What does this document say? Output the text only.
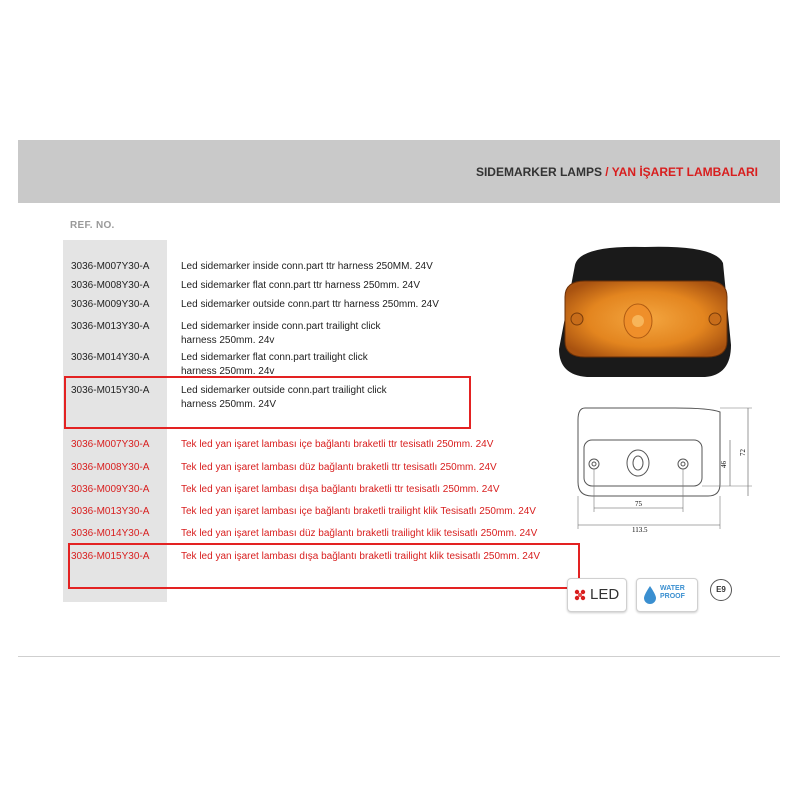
SIDEMARKER LAMPS / YAN İŞARET LAMBALARI
REF. NO.
3036-M007Y30-A	Led sidemarker inside conn.part ttr harness 250MM. 24V
3036-M008Y30-A	Led sidemarker flat conn.part ttr harness 250mm. 24V
3036-M009Y30-A	Led sidemarker outside conn.part ttr harness 250mm. 24V
3036-M013Y30-A	Led sidemarker inside conn.part trailight click harness 250mm. 24v
3036-M014Y30-A	Led sidemarker flat conn.part trailight click harness 250mm. 24v
3036-M015Y30-A	Led sidemarker outside conn.part trailight click harness 250mm. 24V
3036-M007Y30-A	Tek led yan işaret lambası içe bağlantı braketli ttr tesisatlı 250mm. 24V
3036-M008Y30-A	Tek led yan işaret lambası düz bağlantı braketli ttr tesisatlı 250mm. 24V
3036-M009Y30-A	Tek led yan işaret lambası dışa bağlantı braketli ttr tesisatlı 250mm. 24V
3036-M013Y30-A	Tek led yan işaret lambası içe bağlantı braketli trailight klik Tesisatlı 250mm. 24V
3036-M014Y30-A	Tek led yan işaret lambası düz bağlantı braketli trailight klik tesisatlı 250mm. 24V
3036-M015Y30-A	Tek led yan işaret lambası dışa bağlantı braketli trailight klik tesisatlı 250mm. 24V
75
113.5
46
72
LED	WATER
PROOF
E9
